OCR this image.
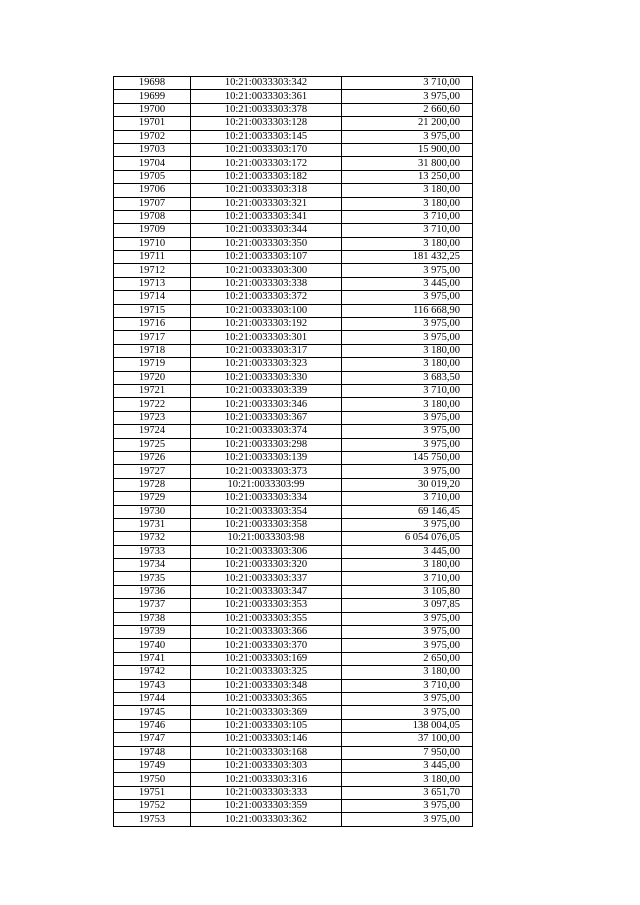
19698	10:21:0033303:342	3 710,00
19699	10:21:0033303:361	3 975,00
19700	10:21:0033303:378	2 660,60
19701	10:21:0033303:128	21 200,00
19702	10:21:0033303:145	3 975,00
19703	10:21:0033303:170	15 900,00
19704	10:21:0033303:172	31 800,00
19705	10:21:0033303:182	13 250,00
19706	10:21:0033303:318	3 180,00
19707	10:21:0033303:321	3 180,00
19708	10:21:0033303:341	3 710,00
19709	10:21:0033303:344	3 710,00
19710	10:21:0033303:350	3 180,00
19711	10:21:0033303:107	181 432,25
19712	10:21:0033303:300	3 975,00
19713	10:21:0033303:338	3 445,00
19714	10:21:0033303:372	3 975,00
19715	10:21:0033303:100	116 668,90
19716	10:21:0033303:192	3 975,00
19717	10:21:0033303:301	3 975,00
19718	10:21:0033303:317	3 180,00
19719	10:21:0033303:323	3 180,00
19720	10:21:0033303:330	3 683,50
19721	10:21:0033303:339	3 710,00
19722	10:21:0033303:346	3 180,00
19723	10:21:0033303:367	3 975,00
19724	10:21:0033303:374	3 975,00
19725	10:21:0033303:298	3 975,00
19726	10:21:0033303:139	145 750,00
19727	10:21:0033303:373	3 975,00
19728	10:21:0033303:99	30 019,20
19729	10:21:0033303:334	3 710,00
19730	10:21:0033303:354	69 146,45
19731	10:21:0033303:358	3 975,00
19732	10:21:0033303:98	6 054 076,05
19733	10:21:0033303:306	3 445,00
19734	10:21:0033303:320	3 180,00
19735	10:21:0033303:337	3 710,00
19736	10:21:0033303:347	3 105,80
19737	10:21:0033303:353	3 097,85
19738	10:21:0033303:355	3 975,00
19739	10:21:0033303:366	3 975,00
19740	10:21:0033303:370	3 975,00
19741	10:21:0033303:169	2 650,00
19742	10:21:0033303:325	3 180,00
19743	10:21:0033303:348	3 710,00
19744	10:21:0033303:365	3 975,00
19745	10:21:0033303:369	3 975,00
19746	10:21:0033303:105	138 004,05
19747	10:21:0033303:146	37 100,00
19748	10:21:0033303:168	7 950,00
19749	10:21:0033303:303	3 445,00
19750	10:21:0033303:316	3 180,00
19751	10:21:0033303:333	3 651,70
19752	10:21:0033303:359	3 975,00
19753	10:21:0033303:362	3 975,00
